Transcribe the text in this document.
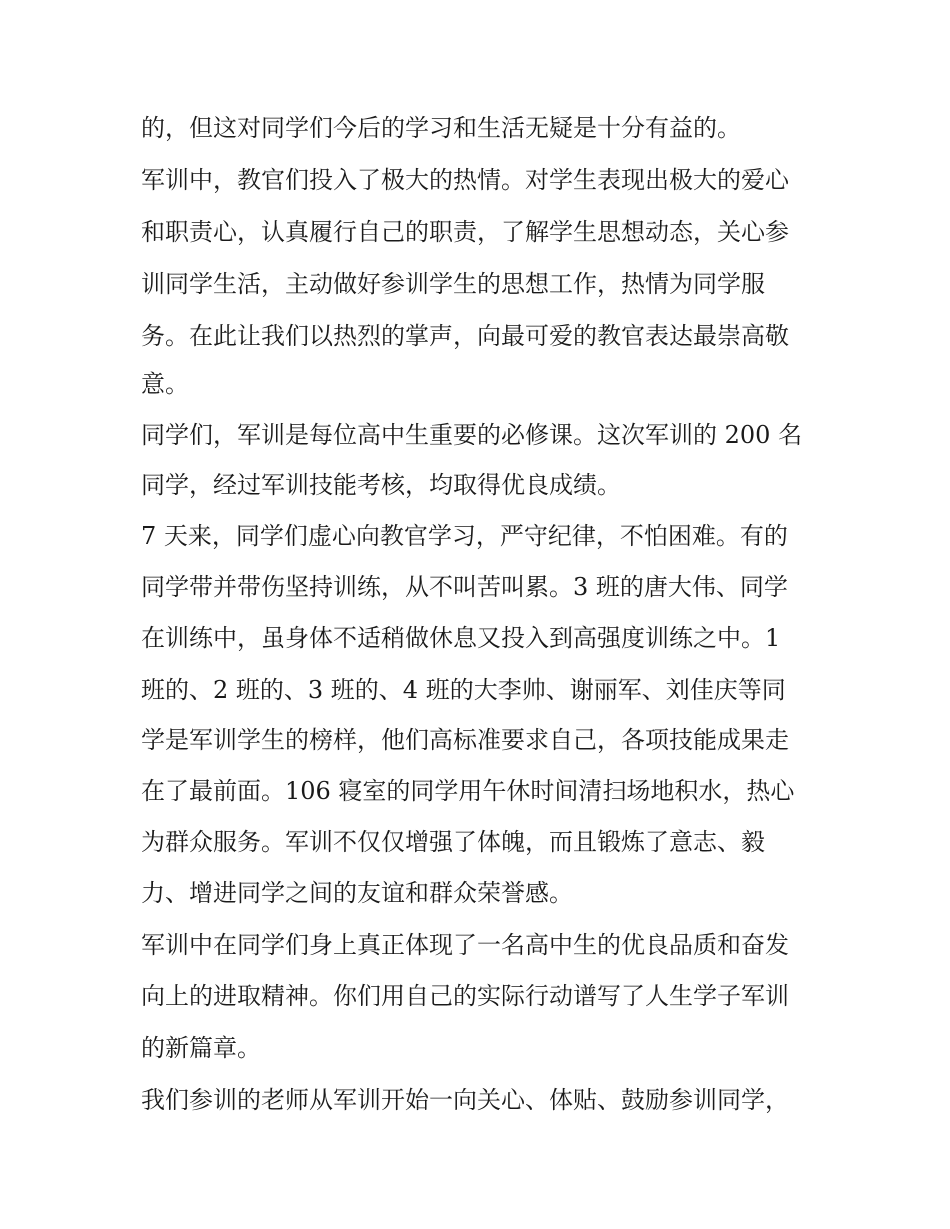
的，但这对同学们今后的学习和生活无疑是十分有益的。
军训中，教官们投入了极大的热情。对学生表现出极大的爱心
和职责心，认真履行自己的职责，了解学生思想动态，关心参
训同学生活，主动做好参训学生的思想工作，热情为同学服
务。在此让我们以热烈的掌声，向最可爱的教官表达最崇高敬
意。
同学们，军训是每位高中生重要的必修课。这次军训的 200 名
同学，经过军训技能考核，均取得优良成绩。
7 天来，同学们虚心向教官学习，严守纪律，不怕困难。有的
同学带并带伤坚持训练，从不叫苦叫累。3 班的唐大伟、同学
在训练中，虽身体不适稍做休息又投入到高强度训练之中。1
班的、2 班的、3 班的、4 班的大李帅、谢丽军、刘佳庆等同
学是军训学生的榜样，他们高标准要求自己，各项技能成果走
在了最前面。106 寝室的同学用午休时间清扫场地积水，热心
为群众服务。军训不仅仅增强了体魄，而且锻炼了意志、毅
力、增进同学之间的友谊和群众荣誉感。
军训中在同学们身上真正体现了一名高中生的优良品质和奋发
向上的进取精神。你们用自己的实际行动谱写了人生学子军训
的新篇章。
我们参训的老师从军训开始一向关心、体贴、鼓励参训同学，
